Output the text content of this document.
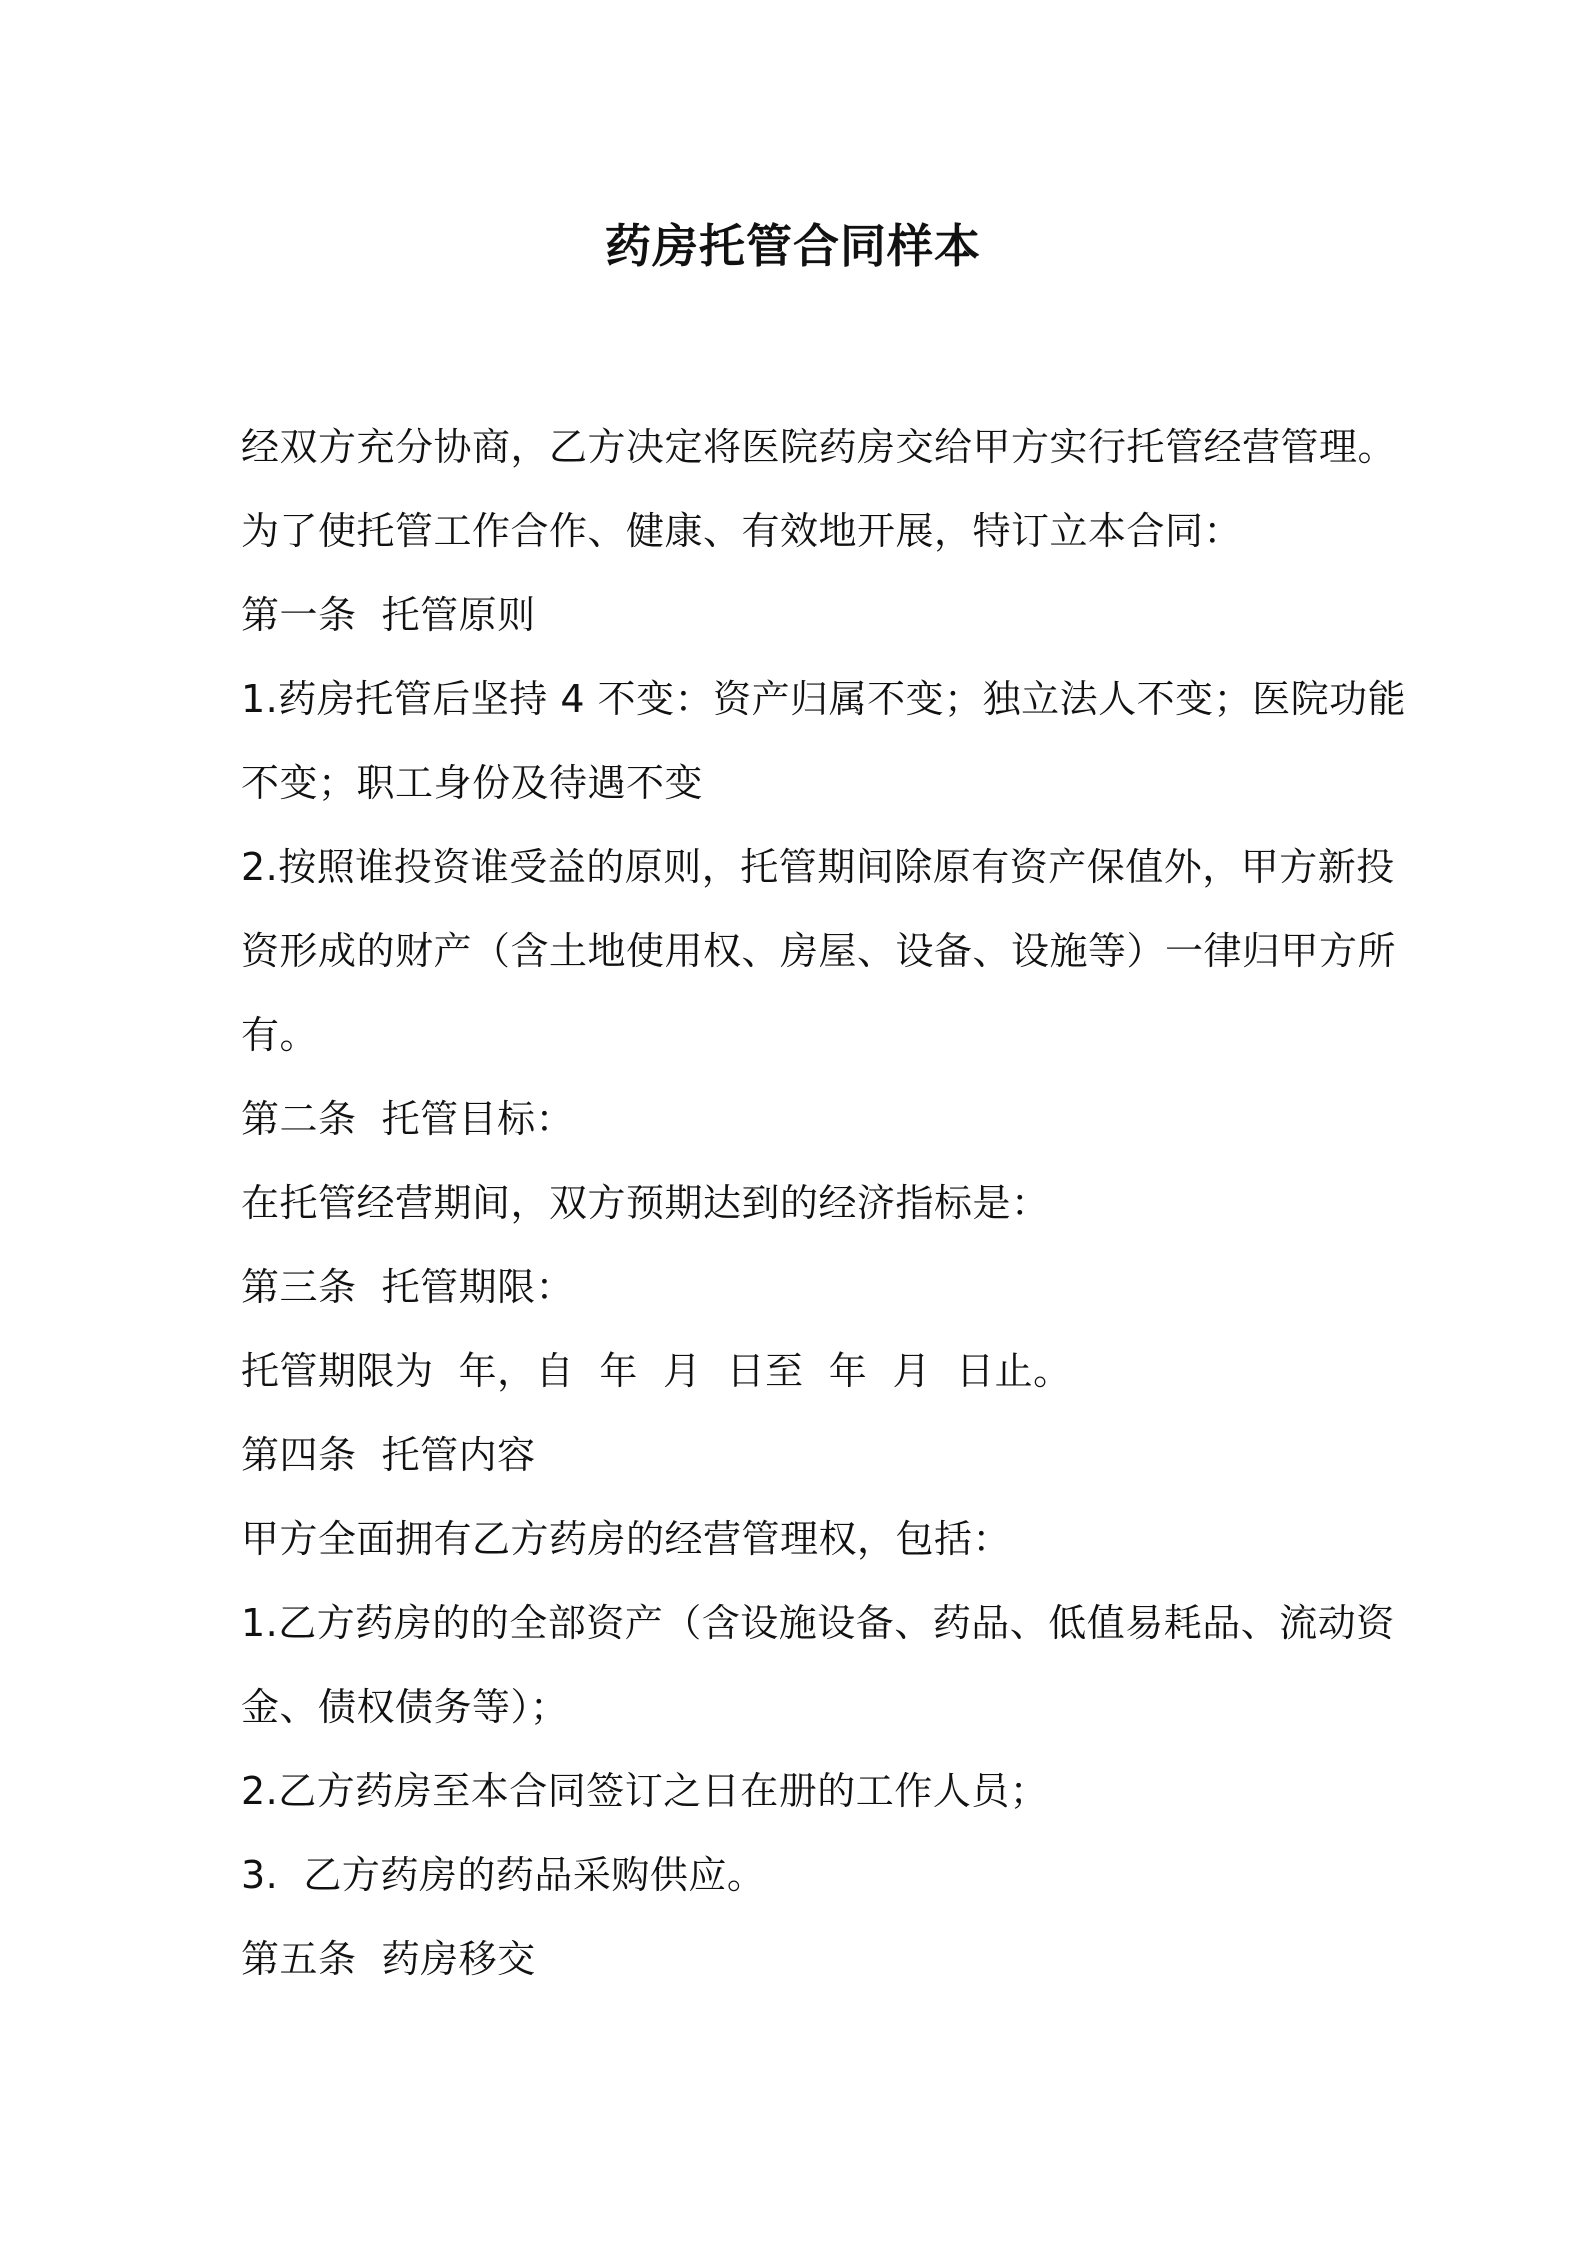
药房托管合同样本
经双方充分协商，乙方决定将医院药房交给甲方实行托管经营管理。
为了使托管工作合作、健康、有效地开展，特订立本合同：
第一条  托管原则
1.药房托管后坚持 4 不变：资产归属不变；独立法人不变；医院功能
不变；职工身份及待遇不变
2.按照谁投资谁受益的原则，托管期间除原有资产保值外，甲方新投
资形成的财产（含土地使用权、房屋、设备、设施等）一律归甲方所
有。
第二条  托管目标：
在托管经营期间，双方预期达到的经济指标是：
第三条  托管期限：
托管期限为  年，自  年  月  日至  年  月  日止。
第四条  托管内容
甲方全面拥有乙方药房的经营管理权，包括：
1.乙方药房的的全部资产（含设施设备、药品、低值易耗品、流动资
金、债权债务等）；
2.乙方药房至本合同签订之日在册的工作人员；
3.  乙方药房的药品采购供应。
第五条  药房移交
